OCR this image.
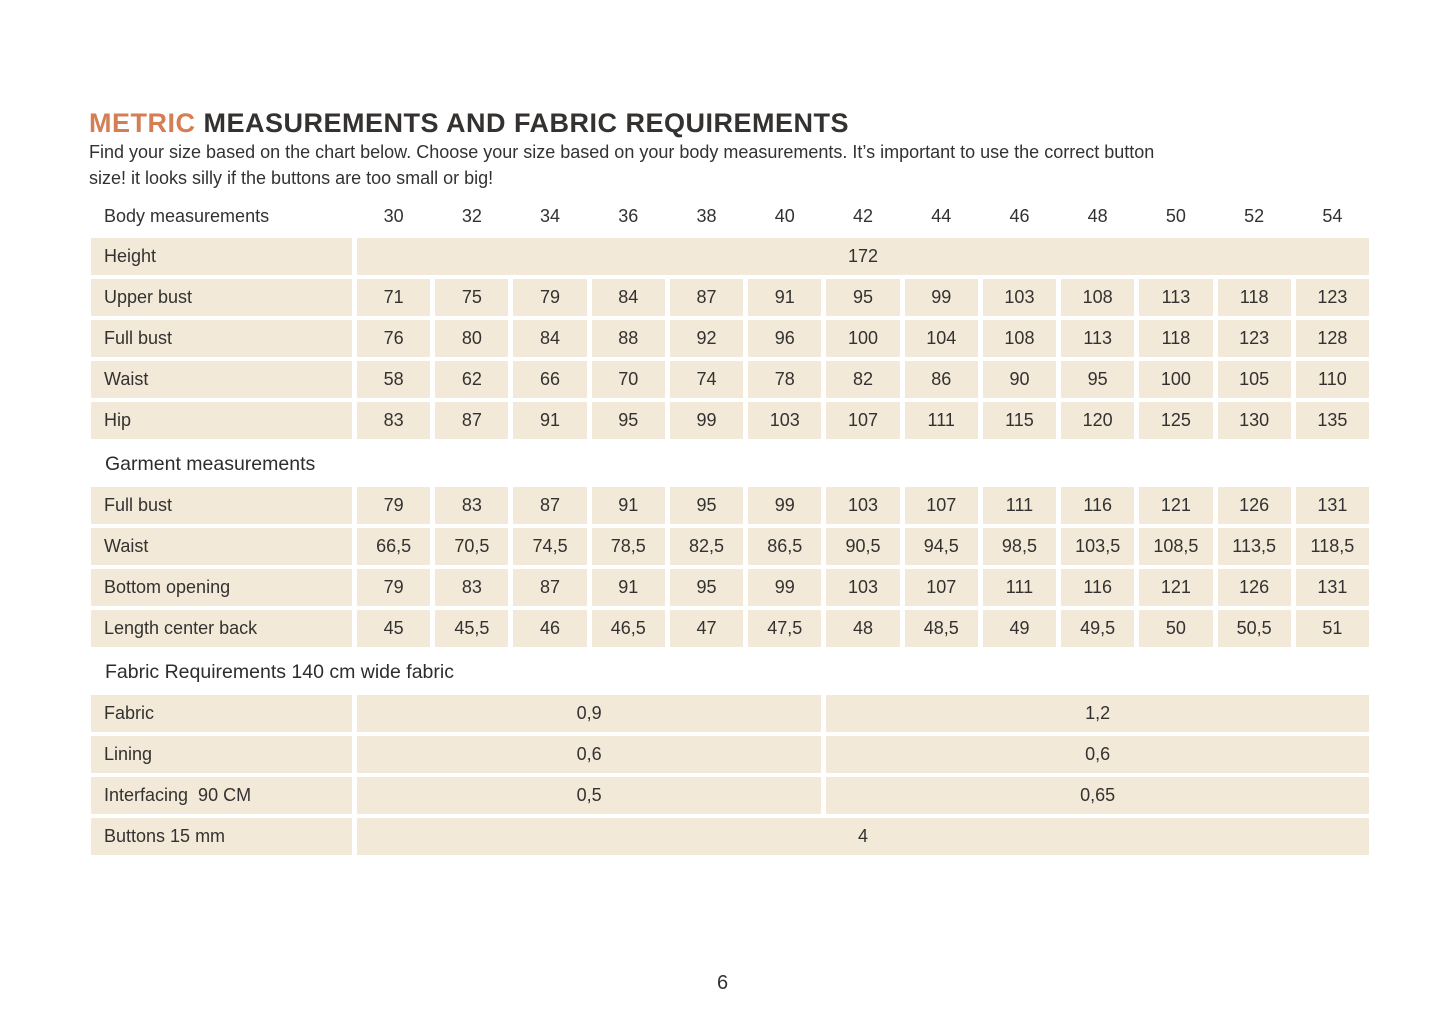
METRIC MEASUREMENTS AND FABRIC REQUIREMENTS

Find your size based on the chart below. Choose your size based on your body measurements. It’s important to use the correct button
size! it looks silly if the buttons are too small or big!

Body measurements	30	32	34	36	38	40	42	44	46	48	50	52	54
Height	172
Upper bust	71	75	79	84	87	91	95	99	103	108	113	118	123
Full bust	76	80	84	88	92	96	100	104	108	113	118	123	128
Waist	58	62	66	70	74	78	82	86	90	95	100	105	110
Hip	83	87	91	95	99	103	107	111	115	120	125	130	135
Garment measurements
Full bust	79	83	87	91	95	99	103	107	111	116	121	126	131
Waist	66,5	70,5	74,5	78,5	82,5	86,5	90,5	94,5	98,5	103,5	108,5	113,5	118,5
Bottom opening	79	83	87	91	95	99	103	107	111	116	121	126	131
Length center back	45	45,5	46	46,5	47	47,5	48	48,5	49	49,5	50	50,5	51
Fabric Requirements 140 cm wide fabric
Fabric	0,9	1,2
Lining	0,6	0,6
Interfacing  90 CM	0,5	0,65
Buttons 15 mm	4
6
